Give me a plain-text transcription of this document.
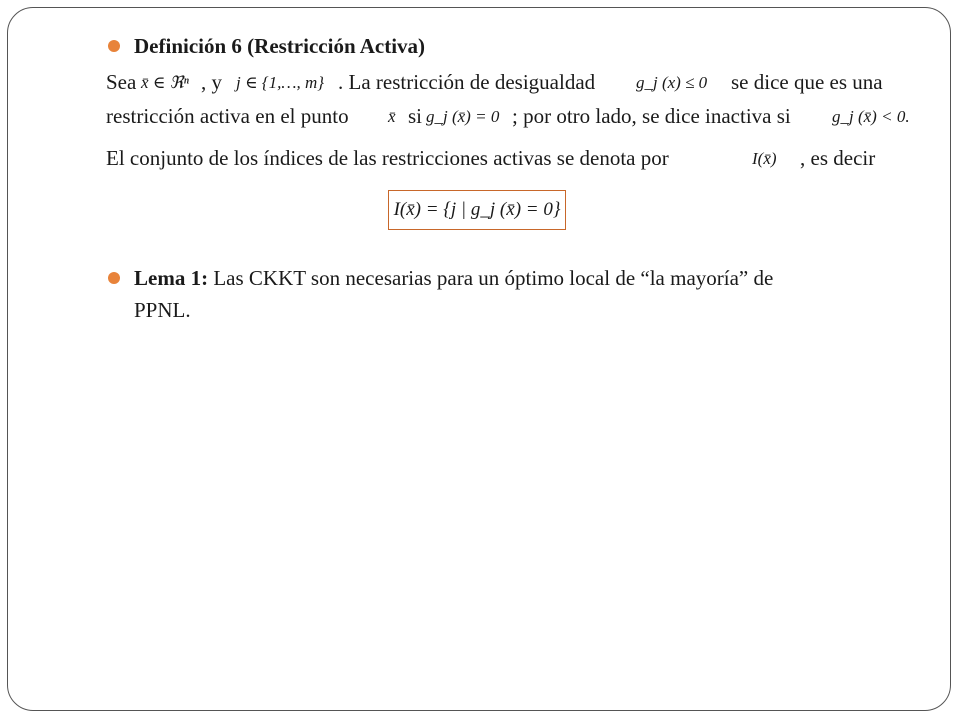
Definición 6 (Restricción Activa)
Sea x̄ ∈ ℜⁿ , y j ∈ {1,…, m} . La restricción de desigualdad g_j (x) ≤ 0 se dice que es una
restricción activa en el punto x̄ si g_j (x̄) = 0 ; por otro lado, se dice inactiva si g_j (x̄) < 0.
El conjunto de los índices de las restricciones activas se denota por	I(x̄) , es decir
I(x̄) = {j | g_j (x̄) = 0}
Lema 1: Las CKKT son necesarias para un óptimo local de “la mayoría” de
PPNL.
